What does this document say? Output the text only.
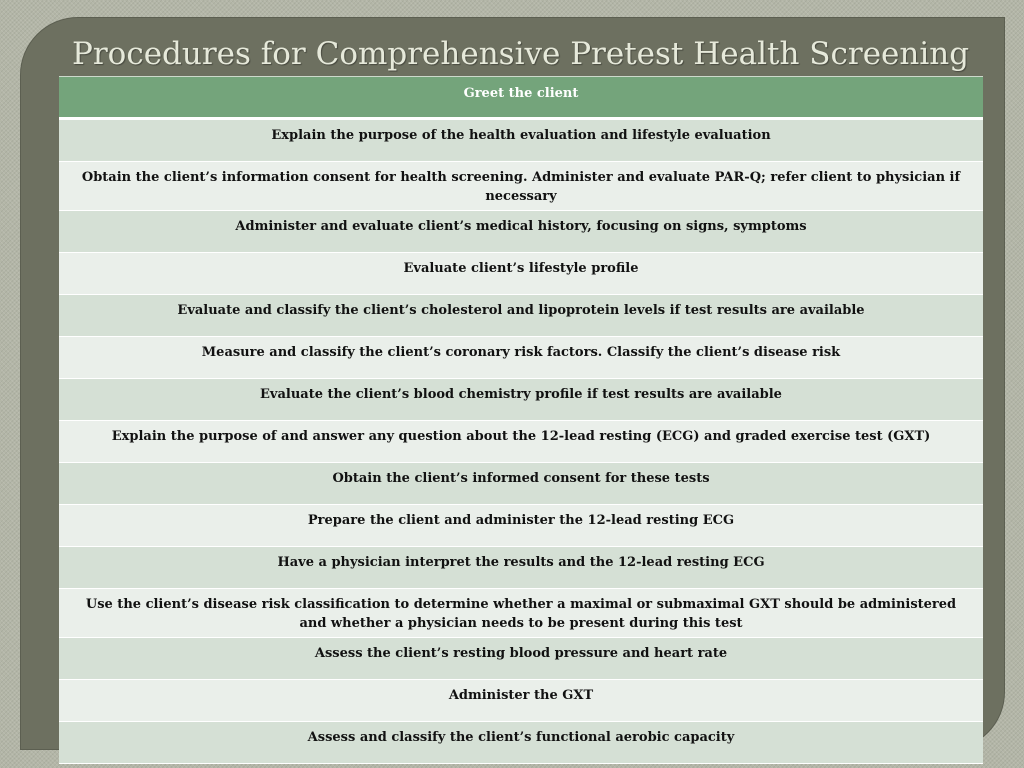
Procedures for Comprehensive Pretest Health Screening
Greet the client
Explain the purpose of the health evaluation and lifestyle evaluation
Obtain the client’s information consent for health screening. Administer and evaluate PAR-Q; refer client to physician if necessary
Administer and evaluate client’s medical history, focusing on signs, symptoms
Evaluate client’s lifestyle profile
Evaluate and classify the client’s cholesterol and lipoprotein levels if test results are available
Measure and classify the client’s coronary risk factors. Classify the client’s disease risk
Evaluate the client’s blood chemistry profile if test results are available
Explain the purpose of and answer any question about the 12-lead resting (ECG) and graded exercise test (GXT)
Obtain the client’s informed consent for these tests
Prepare the client and administer the 12-lead resting ECG
Have a physician interpret the results and the 12-lead resting ECG
Use the client’s disease risk classification to determine whether a maximal or submaximal GXT should be administered and whether a physician needs to be present during this test
Assess the client’s resting blood pressure and heart rate
Administer the GXT
Assess and classify the client’s functional aerobic capacity
